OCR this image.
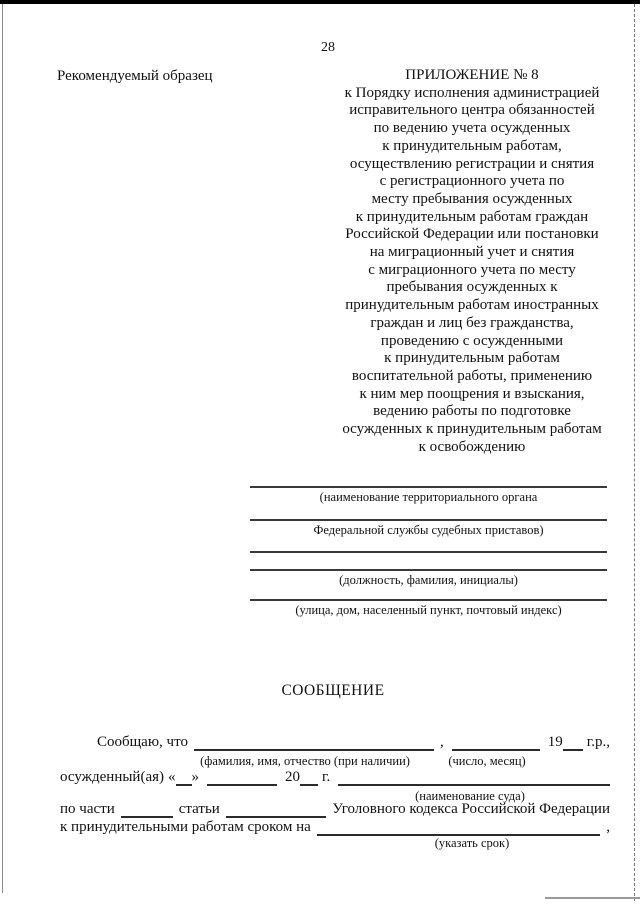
28
Рекомендуемый образец	ПРИЛОЖЕНИЕ № 8
к Порядку исполнения администрацией
исправительного центра обязанностей
по ведению учета осужденных
к принудительным работам,
осуществлению регистрации и снятия
с регистрационного учета по
месту пребывания осужденных
к принудительным работам граждан
Российской Федерации или постановки
на миграционный учет и снятия
с миграционного учета по месту
пребывания осужденных к
принудительным работам иностранных
граждан и лиц без гражданства,
проведению с осужденными
к принудительным работам
воспитательной работы, применению
к ним мер поощрения и взыскания,
ведению работы по подготовке
осужденных к принудительным работам
к освобождению
(наименование территориального органа
Федеральной службы судебных приставов)
(должность, фамилия, инициалы)
(улица, дом, населенный пункт, почтовый индекс)
СООБЩЕНИЕ
Сообщаю, что	,	19 г.р.,
(фамилия, имя, отчество (при наличии)	(число, месяц)
осужденный(ая) « »	20 г.
(наименование суда)
по части	статьи	Уголовного кодекса Российской Федерации
к принудительными работам сроком на	,
(указать срок)
